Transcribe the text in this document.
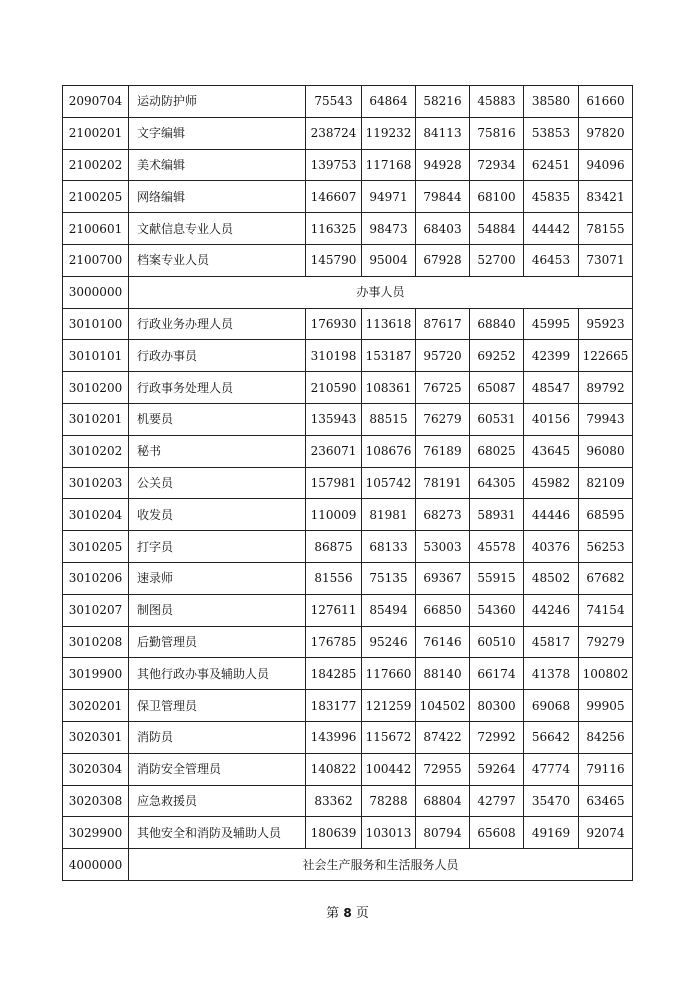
2090704	运动防护师	75543	64864	58216	45883	38580	61660
2100201	文字编辑	238724	119232	84113	75816	53853	97820
2100202	美术编辑	139753	117168	94928	72934	62451	94096
2100205	网络编辑	146607	94971	79844	68100	45835	83421
2100601	文献信息专业人员	116325	98473	68403	54884	44442	78155
2100700	档案专业人员	145790	95004	67928	52700	46453	73071
3000000	办事人员						
3010100	行政业务办理人员	176930	113618	87617	68840	45995	95923
3010101	行政办事员	310198	153187	95720	69252	42399	122665
3010200	行政事务处理人员	210590	108361	76725	65087	48547	89792
3010201	机要员	135943	88515	76279	60531	40156	79943
3010202	秘书	236071	108676	76189	68025	43645	96080
3010203	公关员	157981	105742	78191	64305	45982	82109
3010204	收发员	110009	81981	68273	58931	44446	68595
3010205	打字员	86875	68133	53003	45578	40376	56253
3010206	速录师	81556	75135	69367	55915	48502	67682
3010207	制图员	127611	85494	66850	54360	44246	74154
3010208	后勤管理员	176785	95246	76146	60510	45817	79279
3019900	其他行政办事及辅助人员	184285	117660	88140	66174	41378	100802
3020201	保卫管理员	183177	121259	104502	80300	69068	99905
3020301	消防员	143996	115672	87422	72992	56642	84256
3020304	消防安全管理员	140822	100442	72955	59264	47774	79116
3020308	应急救援员	83362	78288	68804	42797	35470	63465
3029900	其他安全和消防及辅助人员	180639	103013	80794	65608	49169	92074
4000000	社会生产服务和生活服务人员						
第 8 页
